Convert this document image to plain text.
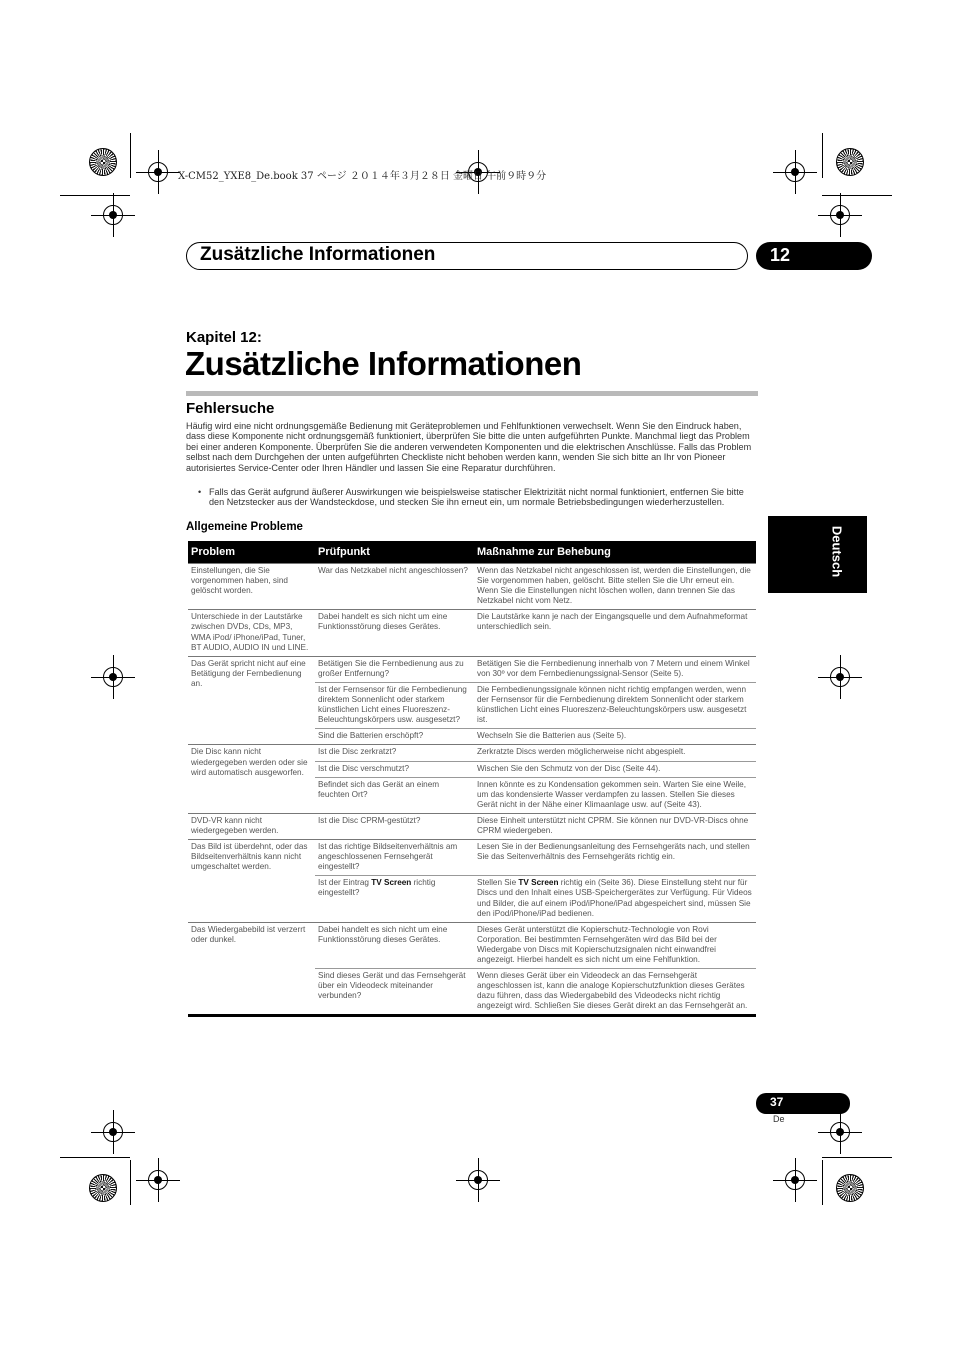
X-CM52_YXE8_De.book 37 ページ ２０１４年３月２８日 金曜日 午前９時９分
Zusätzliche Informationen	12
Kapitel 12:
Zusätzliche Informationen
Fehlersuche
Häufig wird eine nicht ordnungsgemäße Bedienung mit Geräteproblemen und Fehlfunktionen verwechselt. Wenn Sie den Eindruck haben, dass diese Komponente nicht ordnungsgemäß funktioniert, überprüfen Sie bitte die unten aufgeführten Punkte. Manchmal liegt das Problem bei einer anderen Komponente. Überprüfen Sie die anderen verwendeten Komponenten und die elektrischen Anschlüsse. Falls das Problem selbst nach dem Durchgehen der unten aufgeführten Checkliste nicht behoben werden kann, wenden Sie sich bitte an Ihr von Pioneer autorisiertes Service-Center oder Ihren Händler und lassen Sie eine Reparatur durchführen.
• Falls das Gerät aufgrund äußerer Auswirkungen wie beispielsweise statischer Elektrizität nicht normal funktioniert, entfernen Sie bitte den Netzstecker aus der Wandsteckdose, und stecken Sie ihn erneut ein, um normale Betriebsbedingungen wiederherzustellen.
Allgemeine Probleme	Deutsch
Problem	Prüfpunkt	Maßnahme zur Behebung
Einstellungen, die Sie vorgenommen haben, sind gelöscht worden.	War das Netzkabel nicht angeschlossen?	Wenn das Netzkabel nicht angeschlossen ist, werden die Einstellungen, die Sie vorgenommen haben, gelöscht. Bitte stellen Sie die Uhr erneut ein. Wenn Sie die Einstellungen nicht löschen wollen, dann trennen Sie das Netzkabel nicht vom Netz.
Unterschiede in der Lautstärke zwischen DVDs, CDs, MP3, WMA iPod/ iPhone/iPad, Tuner, BT AUDIO, AUDIO IN und LINE.	Dabei handelt es sich nicht um eine Funktionsstörung dieses Gerätes.	Die Lautstärke kann je nach der Eingangsquelle und dem Aufnahmeformat unterschiedlich sein.
Das Gerät spricht nicht auf eine Betätigung der Fernbedienung an.	Betätigen Sie die Fernbedienung aus zu großer Entfernung?	Betätigen Sie die Fernbedienung innerhalb von 7 Metern und einem Winkel von 30º vor dem Fernbedienungssignal-Sensor (Seite 5).
	Ist der Fernsensor für die Fernbedienung direktem Sonnenlicht oder starkem künstlichen Licht eines Fluoreszenz-Beleuchtungskörpers usw. ausgesetzt?	Die Fernbedienungssignale können nicht richtig empfangen werden, wenn der Fernsensor für die Fernbedienung direktem Sonnenlicht oder starkem künstlichen Licht eines Fluoreszenz-Beleuchtungskörpers usw. ausgesetzt ist.
	Sind die Batterien erschöpft?	Wechseln Sie die Batterien aus (Seite 5).
Die Disc kann nicht wiedergegeben werden oder sie wird automatisch ausgeworfen.	Ist die Disc zerkratzt?	Zerkratzte Discs werden möglicherweise nicht abgespielt.
	Ist die Disc verschmutzt?	Wischen Sie den Schmutz von der Disc (Seite 44).
	Befindet sich das Gerät an einem feuchten Ort?	Innen könnte es zu Kondensation gekommen sein. Warten Sie eine Weile, um das kondensierte Wasser verdampfen zu lassen. Stellen Sie dieses Gerät nicht in der Nähe einer Klimaanlage usw. auf (Seite 43).
DVD-VR kann nicht wiedergegeben werden.	Ist die Disc CPRM-gestützt?	Diese Einheit unterstützt nicht CPRM. Sie können nur DVD-VR-Discs ohne CPRM wiedergeben.
Das Bild ist überdehnt, oder das Bildseitenverhältnis kann nicht umgeschaltet werden.	Ist das richtige Bildseitenverhältnis am angeschlossenen Fernsehgerät eingestellt?	Lesen Sie in der Bedienungsanleitung des Fernsehgeräts nach, und stellen Sie das Seitenverhältnis des Fernsehgeräts richtig ein.
	Ist der Eintrag TV Screen richtig eingestellt?	Stellen Sie TV Screen richtig ein (Seite 36). Diese Einstellung steht nur für Discs und den Inhalt eines USB-Speichergerätes zur Verfügung. Für Videos und Bilder, die auf einem iPod/iPhone/iPad abgespeichert sind, müssen Sie den iPod/iPhone/iPad bedienen.
Das Wiedergabebild ist verzerrt oder dunkel.	Dabei handelt es sich nicht um eine Funktionsstörung dieses Gerätes.	Dieses Gerät unterstützt die Kopierschutz-Technologie von Rovi Corporation. Bei bestimmten Fernsehgeräten wird das Bild bei der Wiedergabe von Discs mit Kopierschutzsignalen nicht einwandfrei angezeigt. Hierbei handelt es sich nicht um eine Fehlfunktion.
	Sind dieses Gerät und das Fernsehgerät über ein Videodeck miteinander verbunden?	Wenn dieses Gerät über ein Videodeck an das Fernsehgerät angeschlossen ist, kann die analoge Kopierschutzfunktion dieses Gerätes dazu führen, dass das Wiedergabebild des Videodecks nicht richtig angezeigt wird. Schließen Sie dieses Gerät direkt an das Fernsehgerät an.
37
De
